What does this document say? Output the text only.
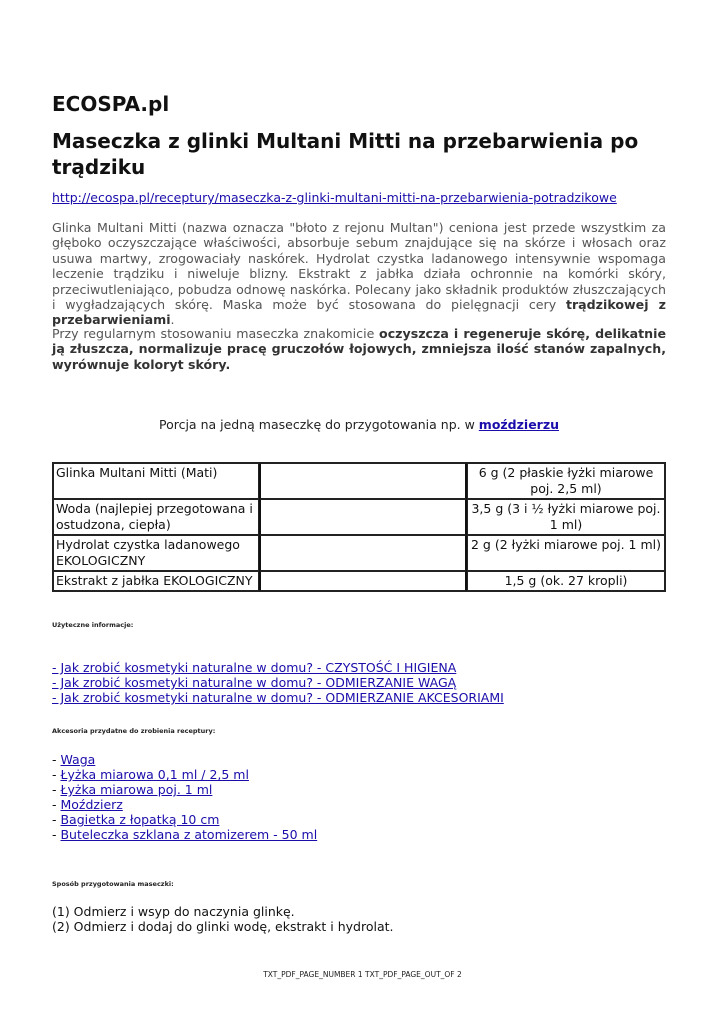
ECOSPA.pl
Maseczka z glinki Multani Mitti na przebarwienia po trądziku
http://ecospa.pl/receptury/maseczka-z-glinki-multani-mitti-na-przebarwienia-potradzikowe
Glinka Multani Mitti (nazwa oznacza "błoto z rejonu Multan") ceniona jest przede wszystkim za głęboko oczyszczające właściwości, absorbuje sebum znajdujące się na skórze i włosach oraz usuwa martwy, zrogowaciały naskórek. Hydrolat czystka ladanowego intensywnie wspomaga leczenie trądziku i niweluje blizny. Ekstrakt z jabłka działa ochronnie na komórki skóry, przeciwutleniająco, pobudza odnowę naskórka. Polecany jako składnik produktów złuszczających i wygładzających skórę. Maska może być stosowana do pielęgnacji cery trądzikowej z przebarwieniami.
Przy regularnym stosowaniu maseczka znakomicie oczyszcza i regeneruje skórę, delikatnie ją złuszcza, normalizuje pracę gruczołów łojowych, zmniejsza ilość stanów zapalnych, wyrównuje koloryt skóry.
Porcja na jedną maseczkę do przygotowania np. w moździerzu
Glinka Multani Mitti (Mati)		6 g (2 płaskie łyżki miarowe poj. 2,5 ml)
Woda (najlepiej przegotowana i ostudzona, ciepła)		3,5 g (3 i ½ łyżki miarowe poj. 1 ml)
Hydrolat czystka ladanowego EKOLOGICZNY		2 g (2 łyżki miarowe poj. 1 ml)
Ekstrakt z jabłka EKOLOGICZNY		1,5 g (ok. 27 kropli)
Użyteczne informacje:
- Jak zrobić kosmetyki naturalne w domu? - CZYSTOŚĆ I HIGIENA
- Jak zrobić kosmetyki naturalne w domu? - ODMIERZANIE WAGĄ
- Jak zrobić kosmetyki naturalne w domu? - ODMIERZANIE AKCESORIAMI
Akcesoria przydatne do zrobienia receptury:
- Waga
- Łyżka miarowa 0,1 ml / 2,5 ml
- Łyżka miarowa poj. 1 ml
- Moździerz
- Bagietka z łopatką 10 cm
- Buteleczka szklana z atomizerem - 50 ml
Sposób przygotowania maseczki:
(1) Odmierz i wsyp do naczynia glinkę.
(2) Odmierz i dodaj do glinki wodę, ekstrakt i hydrolat.
TXT_PDF_PAGE_NUMBER 1 TXT_PDF_PAGE_OUT_OF 2
